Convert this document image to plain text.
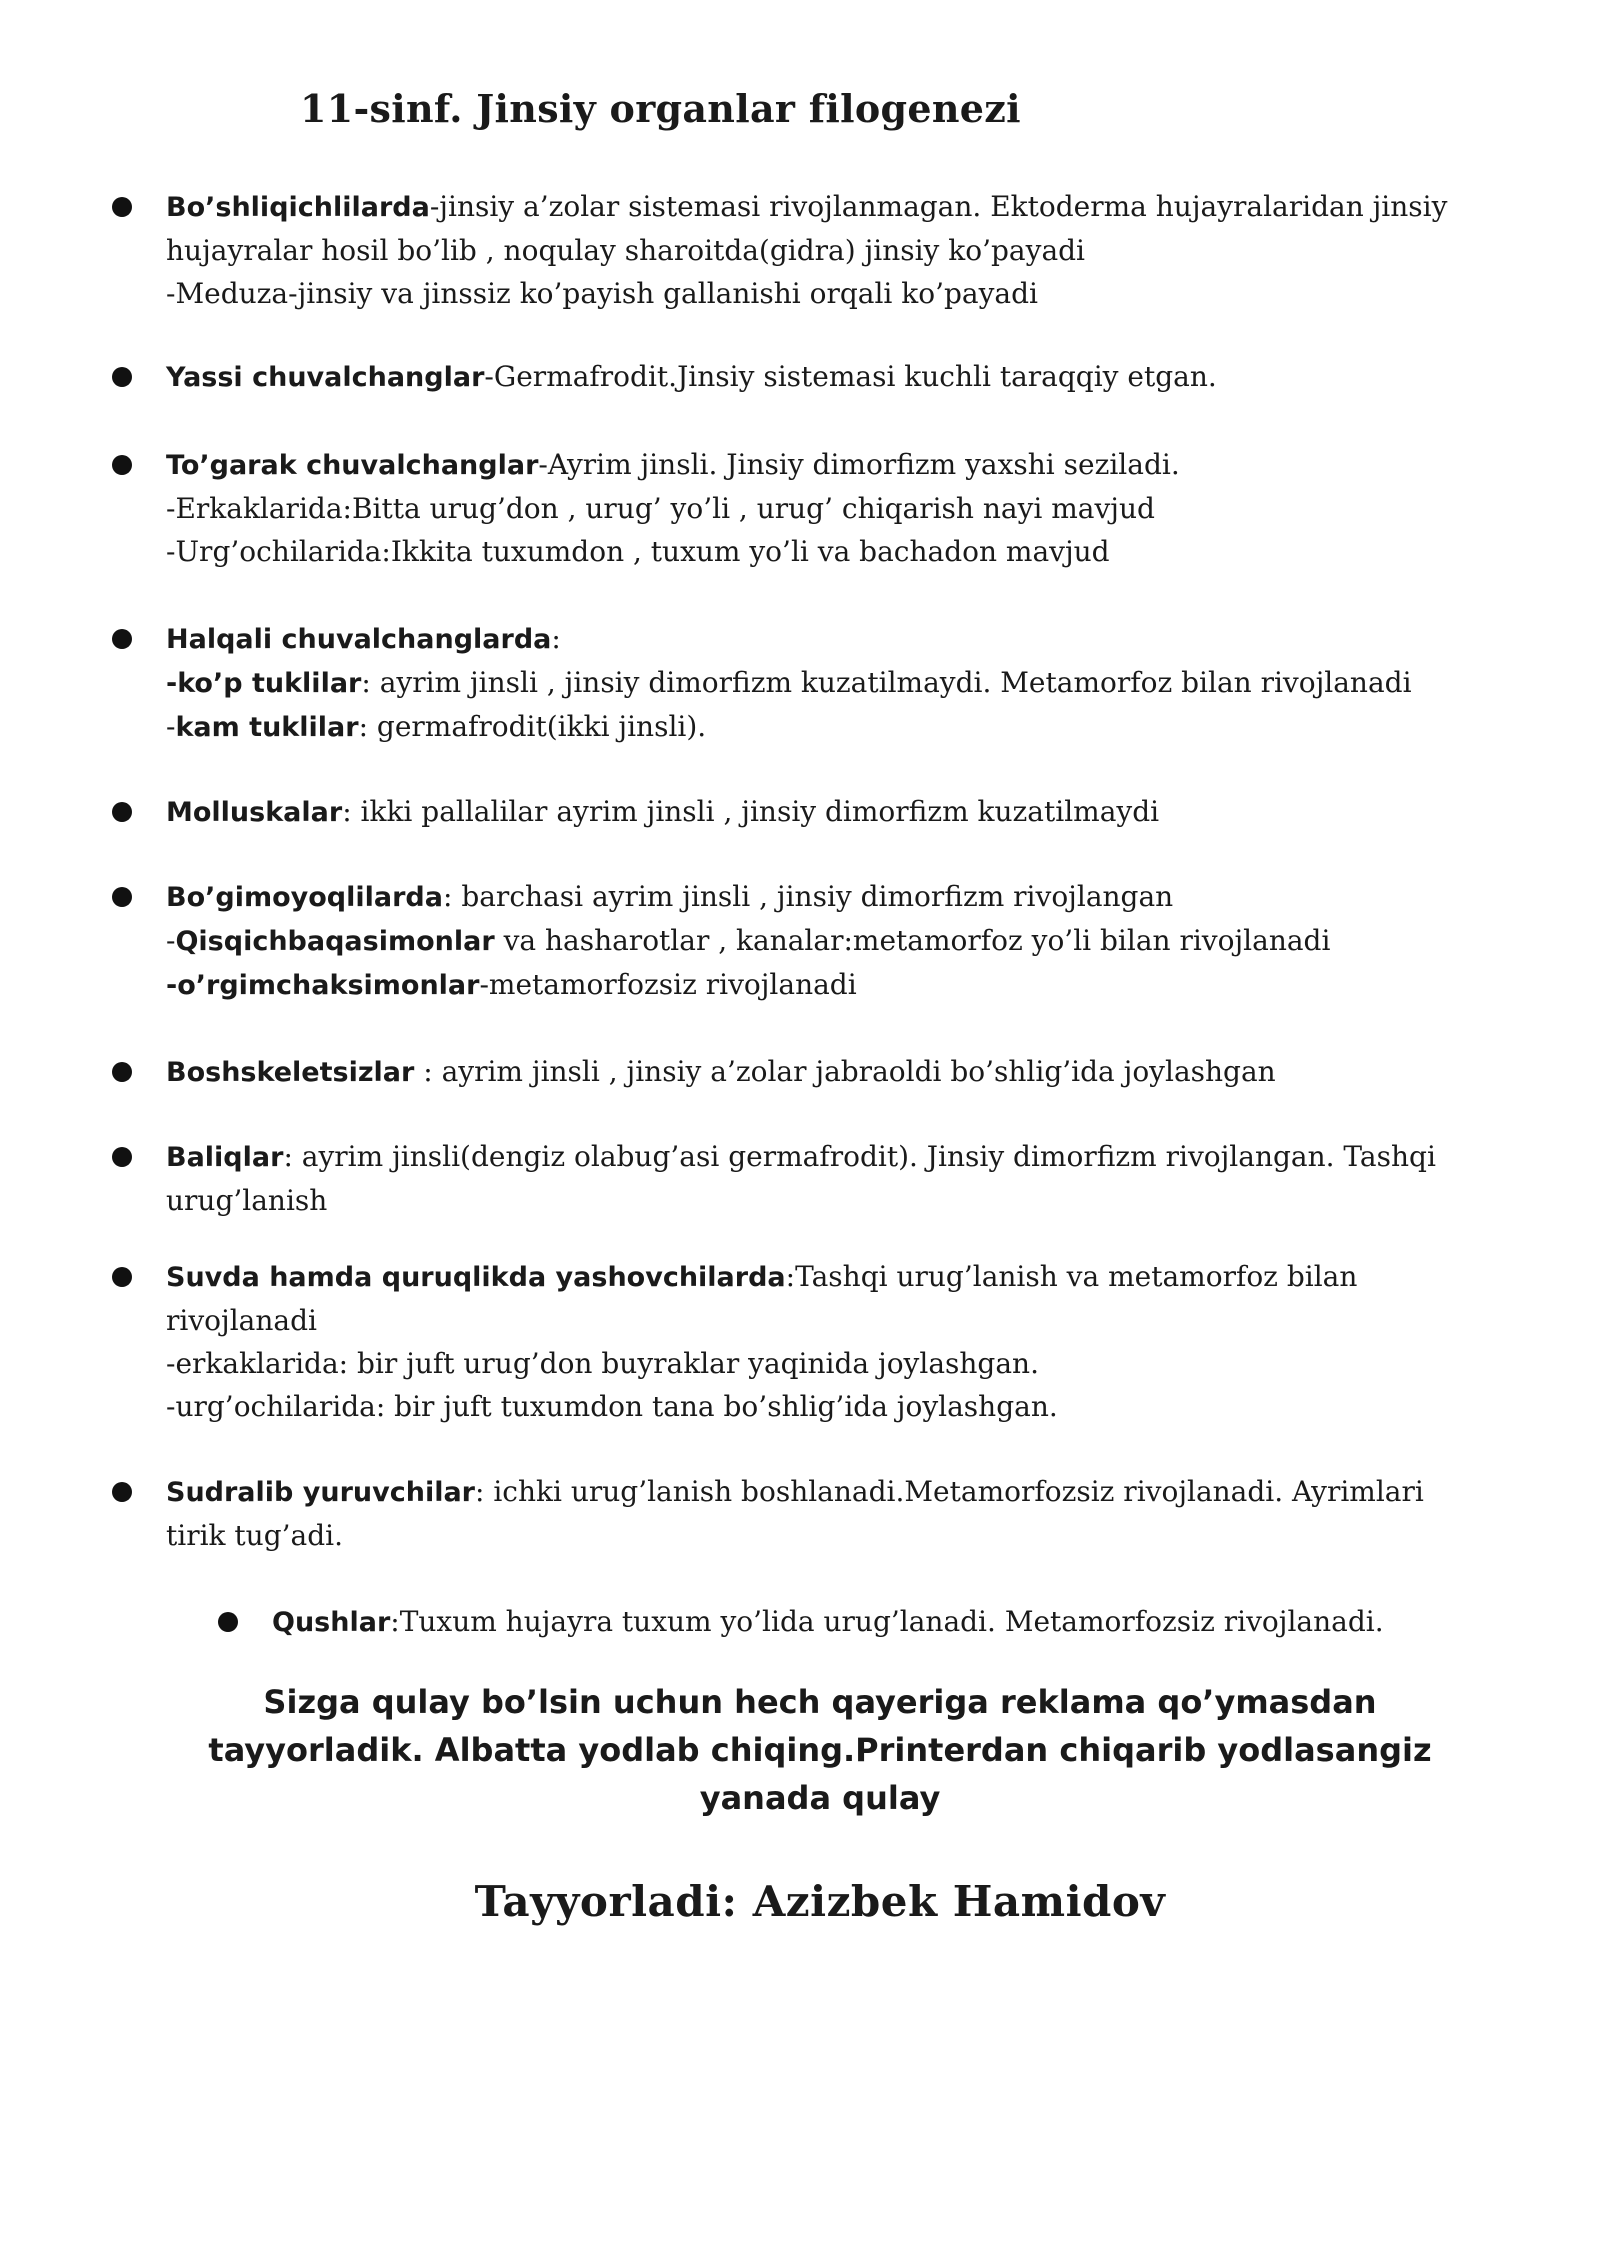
11-sinf. Jinsiy organlar filogenezi
Bo’shliqichlilarda-jinsiy a’zolar sistemasi rivojlanmagan. Ektoderma hujayralaridan jinsiy
hujayralar hosil bo’lib , noqulay sharoitda(gidra) jinsiy ko’payadi
-Meduza-jinsiy va jinssiz ko’payish gallanishi orqali ko’payadi
Yassi chuvalchanglar-Germafrodit.Jinsiy sistemasi kuchli taraqqiy etgan.
To’garak chuvalchanglar-Ayrim jinsli. Jinsiy dimorfizm yaxshi seziladi.
-Erkaklarida:Bitta urug’don , urug’ yo’li , urug’ chiqarish nayi mavjud
-Urg’ochilarida:Ikkita tuxumdon , tuxum yo’li va bachadon mavjud
Halqali chuvalchanglarda:
-ko’p tuklilar: ayrim jinsli , jinsiy dimorfizm kuzatilmaydi. Metamorfoz bilan rivojlanadi
-kam tuklilar: germafrodit(ikki jinsli).
Molluskalar: ikki pallalilar ayrim jinsli , jinsiy dimorfizm kuzatilmaydi
Bo’gimoyoqlilarda: barchasi ayrim jinsli , jinsiy dimorfizm rivojlangan
-Qisqichbaqasimonlar va hasharotlar , kanalar:metamorfoz yo’li bilan rivojlanadi
-o’rgimchaksimonlar-metamorfozsiz rivojlanadi
Boshskeletsizlar : ayrim jinsli , jinsiy a’zolar jabraoldi bo’shlig’ida joylashgan
Baliqlar: ayrim jinsli(dengiz olabug’asi germafrodit). Jinsiy dimorfizm rivojlangan. Tashqi
urug’lanish
Suvda hamda quruqlikda yashovchilarda:Tashqi urug’lanish va metamorfoz bilan
rivojlanadi
-erkaklarida: bir juft urug’don buyraklar yaqinida joylashgan.
-urg’ochilarida: bir juft tuxumdon tana bo’shlig’ida joylashgan.
Sudralib yuruvchilar: ichki urug’lanish boshlanadi.Metamorfozsiz rivojlanadi. Ayrimlari
tirik tug’adi.
Qushlar:Tuxum hujayra tuxum yo’lida urug’lanadi. Metamorfozsiz rivojlanadi.
Sizga qulay bo’lsin uchun hech qayeriga reklama qo’ymasdan
tayyorladik. Albatta yodlab chiqing.Printerdan chiqarib yodlasangiz
yanada qulay
Tayyorladi: Azizbek Hamidov
